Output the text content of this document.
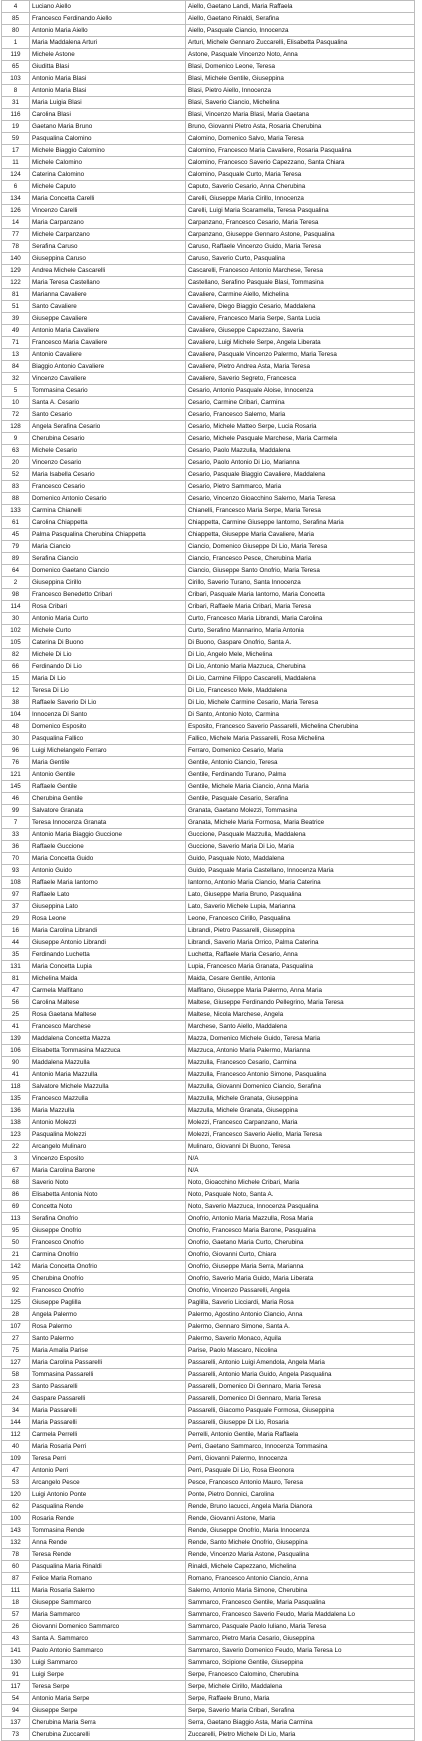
4	Luciano Aiello	Aiello, Gaetano Landi, Maria Raffaela
85	Francesco Ferdinando Aiello	Aiello, Gaetano Rinaldi, Serafina
80	Antonio Maria Aiello	Aiello, Pasquale Ciancio, Innocenza
1	Maria Maddalena Arturi	Arturi, Michele Gennaro Zuccarelli, Elisabetta Pasqualina
119	Michele Astone	Astone, Pasquale Vincenzo Noto, Anna
65	Giuditta Blasi	Blasi, Domenico Leone, Teresa
103	Antonio Maria Blasi	Blasi, Michele Gentile, Giuseppina
8	Antonio Maria Blasi	Blasi, Pietro Aiello, Innocenza
31	Maria Luigia Blasi	Blasi, Saverio Ciancio, Michelina
116	Carolina Blasi	Blasi, Vincenzo Maria Blasi, Maria Gaetana
19	Gaetano Maria Bruno	Bruno, Giovanni Pietro Asta, Rosaria Cherubina
59	Pasqualina Calomino	Calomino, Domenico Salvo, Maria Teresa
17	Michele Biaggio Calomino	Calomino, Francesco Maria Cavaliere, Rosaria Pasqualina
11	Michele Calomino	Calomino, Francesco Saverio Capezzano, Santa Chiara
124	Caterina Calomino	Calomino, Pasquale Curto, Maria Teresa
6	Michele Caputo	Caputo, Saverio Cesario, Anna Cherubina
134	Maria Concetta Carelli	Carelli, Giuseppe Maria Cirillo, Innocenza
126	Vincenzo Carelli	Carelli, Luigi Maria Scaramella, Teresa Pasqualina
14	Maria Carpanzano	Carpanzano, Francesco Cesario, Maria Teresa
77	Michele Carpanzano	Carpanzano, Giuseppe Gennaro Astone, Pasqualina
78	Serafina Caruso	Caruso, Raffaele Vincenzo Guido, Maria Teresa
140	Giuseppina Caruso	Caruso, Saverio Curto, Pasqualina
129	Andrea Michele Cascarelli	Cascarelli, Francesco Antonio Marchese, Teresa
122	Maria Teresa Castellano	Castellano, Serafino Pasquale Blasi, Tommasina
81	Marianna Cavaliere	Cavaliere, Carmine Aiello, Michelina
51	Santo Cavaliere	Cavaliere, Diego Biaggio Cesario, Maddalena
39	Giuseppe Cavaliere	Cavaliere, Francesco Maria Serpe, Santa Lucia
49	Antonio Maria Cavaliere	Cavaliere, Giuseppe Capezzano, Saveria
71	Francesco Maria Cavaliere	Cavaliere, Luigi Michele Serpe, Angela Liberata
13	Antonio Cavaliere	Cavaliere, Pasquale Vincenzo Palermo, Maria Teresa
84	Biaggio Antonio Cavaliere	Cavaliere, Pietro Andrea Asta, Maria Teresa
32	Vincenzo Cavaliere	Cavaliere, Saverio Segreto, Francesca
5	Tommasina Cesario	Cesario, Antonio Pasquale Aloise, Innocenza
10	Santa A. Cesario	Cesario, Carmine Cribari, Carmina
72	Santo Cesario	Cesario, Francesco Salerno, Maria
128	Angela Serafina Cesario	Cesario, Michele Matteo Serpe, Lucia Rosaria
9	Cherubina Cesario	Cesario, Michele Pasquale Marchese, Maria Carmela
63	Michele Cesario	Cesario, Paolo Mazzulla, Maddalena
20	Vincenzo Cesario	Cesario, Paolo Antonio Di Lio, Marianna
52	Maria Isabella Cesario	Cesario, Pasquale Biaggio Cavaliere, Maddalena
83	Francesco Cesario	Cesario, Pietro Sammarco, Maria
88	Domenico Antonio Cesario	Cesario, Vincenzo Gioacchino Salerno, Maria Teresa
133	Carmina Chianelli	Chianelli, Francesco Maria Serpe, Maria Teresa
61	Carolina Chiappetta	Chiappetta, Carmine Giuseppe Iantorno, Serafina Maria
45	Palma Pasqualina Cherubina Chiappetta	Chiappetta, Giuseppe Maria Cavaliere, Maria
79	Maria Ciancio	Ciancio, Domenico Giuseppe Di Lio, Maria Teresa
89	Serafina Ciancio	Ciancio, Francesco Pesce, Cherubina Maria
64	Domenico Gaetano Ciancio	Ciancio, Giuseppe Santo Onofrio, Maria Teresa
2	Giuseppina Cirillo	Cirillo, Saverio Turano, Santa Innocenza
98	Francesco Benedetto Cribari	Cribari, Pasquale Maria Iantorno, Maria Concetta
114	Rosa Cribari	Cribari, Raffaele Maria Cribari, Maria Teresa
30	Antonio Maria Curto	Curto, Francesco Maria Librandi, Maria Carolina
102	Michele Curto	Curto, Serafino Mannarino, Maria Antonia
105	Caterina Di Buono	Di Buono, Gaspare Onofrio, Santa A.
82	Michele Di Lio	Di Lio, Angelo Mele, Michelina
66	Ferdinando Di Lio	Di Lio, Antonio Maria Mazzuca, Cherubina
15	Maria Di Lio	Di Lio, Carmine Filippo Cascarelli, Maddalena
12	Teresa Di Lio	Di Lio, Francesco Mele, Maddalena
38	Raffaele Saverio Di Lio	Di Lio, Michele Carmine Cesario, Maria Teresa
104	Innocenza Di Santo	Di Santo, Antonio Noto, Carmina
48	Domenico Esposito	Esposito, Francesco Saverio Passarelli, Michelina Cherubina
30	Pasqualina Fallico	Fallico, Michele Maria Passarelli, Rosa Michelina
96	Luigi Michelangelo Ferraro	Ferraro, Domenico Cesario, Maria
76	Maria Gentile	Gentile, Antonio Ciancio, Teresa
121	Antonio Gentile	Gentile, Ferdinando Turano, Palma
145	Raffaele Gentile	Gentile, Michele Maria Ciancio, Anna Maria
46	Cherubina Gentile	Gentile, Pasquale Cesario, Serafina
99	Salvatore Granata	Granata, Gaetano Molezzi, Tommasina
7	Teresa Innocenza Granata	Granata, Michele Maria Formosa, Maria Beatrice
33	Antonio Maria Biaggio Guccione	Guccione, Pasquale Mazzulla, Maddalena
36	Raffaele Guccione	Guccione, Saverio Maria Di Lio, Maria
70	Maria Concetta Guido	Guido, Pasquale Noto, Maddalena
93	Antonio Guido	Guido, Pasquale Maria Castellano, Innocenza Maria
108	Raffaele Maria Iantorno	Iantorno, Antonio Maria Ciancio, Maria Caterina
97	Raffaele Lato	Lato, Giuseppe Maria Bruno, Pasqualina
37	Giuseppina Lato	Lato, Saverio Michele Lupia, Marianna
29	Rosa Leone	Leone, Francesco Cirillo, Pasqualina
16	Maria Carolina Librandi	Librandi, Pietro Passarelli, Giuseppina
44	Giuseppe Antonio Librandi	Librandi, Saverio Maria Orrico, Palma Caterina
35	Ferdinando Luchetta	Luchetta, Raffaele Maria Cesario, Anna
131	Maria Concetta Lupia	Lupia, Francesco Maria Granata, Pasqualina
81	Michelina Maida	Maida, Cesare Gentile, Antonia
47	Carmela Malfitano	Malfitano, Giuseppe Maria Palermo, Anna Maria
56	Carolina Maltese	Maltese, Giuseppe Ferdinando Pellegrino, Maria Teresa
25	Rosa Gaetana Maltese	Maltese, Nicola Marchese, Angela
41	Francesco Marchese	Marchese, Santo Aiello, Maddalena
139	Maddalena Concetta Mazza	Mazza, Domenico Michele Guido, Teresa Maria
106	Elisabetta Tommasina Mazzuca	Mazzuca, Antonio Maria Palermo, Marianna
90	Maddalena Mazzulla	Mazzulla, Francesco Cesario, Carmina
41	Antonio Maria Mazzulla	Mazzulla, Francesco Antonio Simone, Pasqualina
118	Salvatore Michele Mazzulla	Mazzulla, Giovanni Domenico Ciancio, Serafina
135	Francesco Mazzulla	Mazzulla, Michele Granata, Giuseppina
136	Maria Mazzulla	Mazzulla, Michele Granata, Giuseppina
138	Antonio Molezzi	Molezzi, Francesco Carpanzano, Maria
123	Pasqualina Molezzi	Molezzi, Francesco Saverio Aiello, Maria Teresa
22	Arcangelo Mulinaro	Mulinaro, Giovanni Di Buono, Teresa
3	Vincenzo Esposito	N/A
67	Maria Carolina Barone	N/A
68	Saverio Noto	Noto, Gioacchino Michele Cribari, Maria
86	Elisabetta Antonia Noto	Noto, Pasquale Noto, Santa A.
69	Concetta Noto	Noto, Saverio Mazzuca, Innocenza Pasqualina
113	Serafina Onofrio	Onofrio, Antonio Maria Mazzulla, Rosa Maria
95	Giuseppe Onofrio	Onofrio, Francesco Maria Barone, Pasqualina
50	Francesco Onofrio	Onofrio, Gaetano Maria Curto, Cherubina
21	Carmina Onofrio	Onofrio, Giovanni Curto, Chiara
142	Maria Concetta Onofrio	Onofrio, Giuseppe Maria Serra, Marianna
95	Cherubina Onofrio	Onofrio, Saverio Maria Guido, Maria Liberata
92	Francesco Onofrio	Onofrio, Vincenzo Passarelli, Angela
125	Giuseppe Paglilla	Paglilla, Saverio Licciardi, Maria Rosa
28	Angela Palermo	Palermo, Agostino Antonio Ciancio, Anna
107	Rosa Palermo	Palermo, Gennaro Simone, Santa A.
27	Santo Palermo	Palermo, Saverio Monaco, Aquila
75	Maria Amalia Parise	Parise, Paolo Mascaro, Nicolina
127	Maria Carolina Passarelli	Passarelli, Antonio Luigi Amendola, Angela Maria
58	Tommasina Passarelli	Passarelli, Antonio Maria Guido, Angela Pasqualina
23	Santo Passarelli	Passarelli, Domenico Di Gennaro, Maria Teresa
24	Gaspare Passarelli	Passarelli, Domenico Di Gennaro, Maria Teresa
34	Maria Passarelli	Passarelli, Giacomo Pasquale Formosa, Giuseppina
144	Maria Passarelli	Passarelli, Giuseppe Di Lio, Rosaria
112	Carmela Perrelli	Perrelli, Antonio Gentile, Maria Raffaela
40	Maria Rosaria Perri	Perri, Gaetano Sammarco, Innocenza Tommasina
109	Teresa Perri	Perri, Giovanni Palermo, Innocenza
47	Antonio Perri	Perri, Pasquale Di Lio, Rosa Eleonora
53	Arcangelo Pesce	Pesce, Francesco Antonio Mauro, Teresa
120	Luigi Antonio Ponte	Ponte, Pietro Donnici, Carolina
62	Pasqualina Rende	Rende, Bruno Iacucci, Angela Maria Dianora
100	Rosaria Rende	Rende, Giovanni Astone, Maria
143	Tommasina Rende	Rende, Giuseppe Onofrio, Maria Innocenza
132	Anna Rende	Rende, Santo Michele Onofrio, Giuseppina
78	Teresa Rende	Rende, Vincenzo Maria Astone, Pasqualina
60	Pasqualina Maria Rinaldi	Rinaldi, Michele Capezzano, Michelina
87	Felice Maria Romano	Romano, Francesco Antonio Ciancio, Anna
111	Maria Rosaria Salerno	Salerno, Antonio Maria Simone, Cherubina
18	Giuseppe Sammarco	Sammarco, Francesco Gentile, Maria Pasqualina
57	Maria Sammarco	Sammarco, Francesco Saverio Feudo, Maria Maddalena Lo
26	Giovanni Domenico Sammarco	Sammarco, Pasquale Paolo Iuliano, Maria Teresa
43	Santa A. Sammarco	Sammarco, Pietro Maria Cesario, Giuseppina
141	Paolo Antonio Sammarco	Sammarco, Saverio Domenico Feudo, Maria Teresa Lo
130	Luigi Sammarco	Sammarco, Scipione Gentile, Giuseppina
91	Luigi Serpe	Serpe, Francesco Calomino, Cherubina
117	Teresa Serpe	Serpe, Michele Cirillo, Maddalena
54	Antonio Maria Serpe	Serpe, Raffaele Bruno, Maria
94	Giuseppe Serpe	Serpe, Saverio Maria Cribari, Serafina
137	Cherubina Maria Serra	Serra, Gaetano Biaggio Asta, Maria Carmina
73	Cherubina Zuccarelli	Zuccarelli, Pietro Michele Di Lio, Maria
